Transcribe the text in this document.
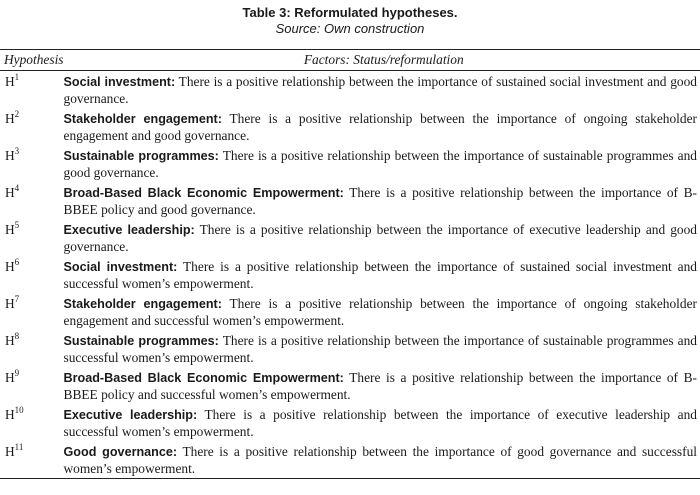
Table 3: Reformulated hypotheses.
Source: Own construction
Hypothesis	Factors: Status/reformulation
$H^1$	Social investment: There is a positive relationship between the importance of sustained social investment and good governance.
$H^2$	Stakeholder engagement: There is a positive relationship between the importance of ongoing stakeholder engagement and good governance.
$H^3$	Sustainable programmes: There is a positive relationship between the importance of sustainable programmes and good governance.
$H^4$	Broad-Based Black Economic Empowerment: There is a positive relationship between the importance of B-BBEE policy and good governance.
$H^5$	Executive leadership: There is a positive relationship between the importance of executive leadership and good governance.
$H^6$	Social investment: There is a positive relationship between the importance of sustained social investment and successful women’s empowerment.
$H^7$	Stakeholder engagement: There is a positive relationship between the importance of ongoing stakeholder engagement and successful women’s empowerment.
$H^8$	Sustainable programmes: There is a positive relationship between the importance of sustainable programmes and successful women’s empowerment.
$H^9$	Broad-Based Black Economic Empowerment: There is a positive relationship between the importance of B-BBEE policy and successful women’s empowerment.
$H^{10}$	Executive leadership: There is a positive relationship between the importance of executive leadership and successful women’s empowerment.
$H^{11}$	Good governance: There is a positive relationship between the importance of good governance and successful women’s empowerment.
